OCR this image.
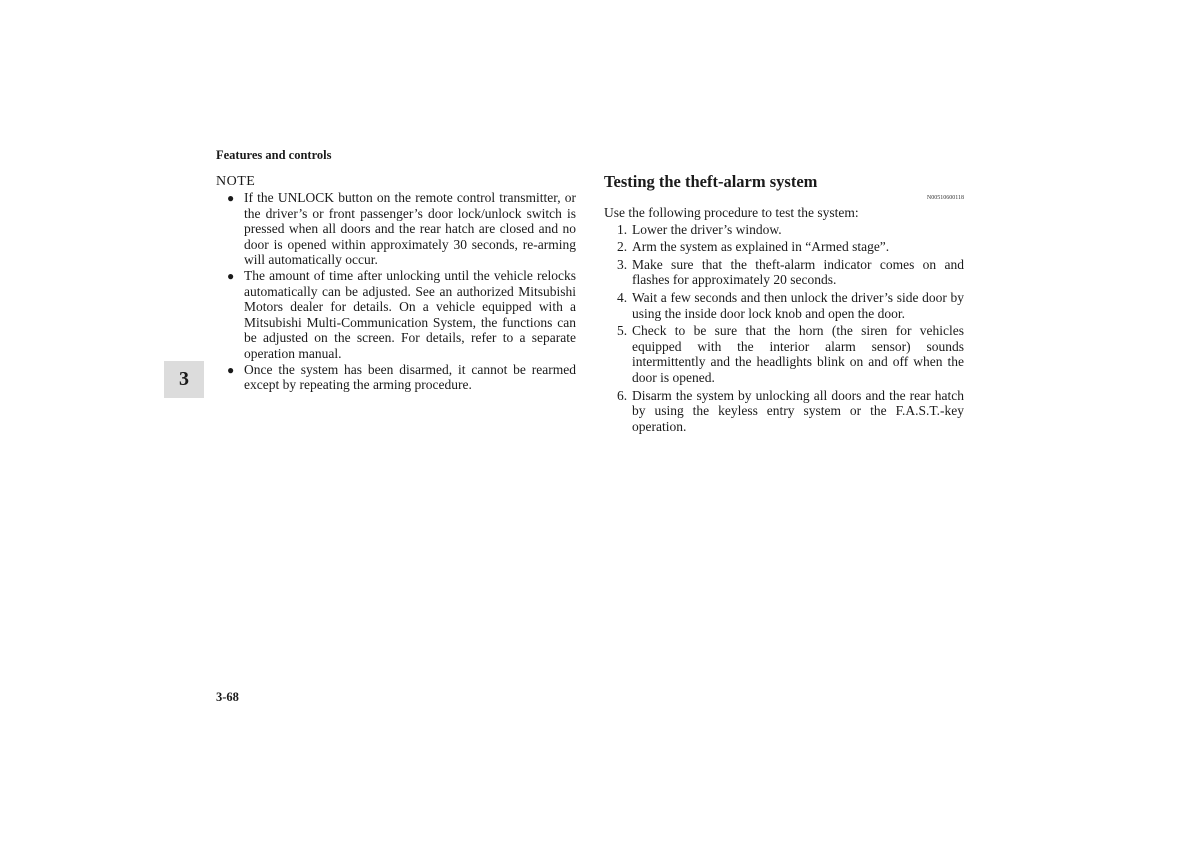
Features and controls
3
NOTE
● If the UNLOCK button on the remote control transmitter, or the driver’s or front passenger’s door lock/unlock switch is pressed when all doors and the rear hatch are closed and no door is opened within approximately 30 seconds, re-arming will automatically occur.
● The amount of time after unlocking until the vehicle relocks automatically can be adjusted. See an authorized Mitsubishi Motors dealer for details. On a vehicle equipped with a Mitsubishi Multi-Communication System, the functions can be adjusted on the screen. For details, refer to a separate operation manual.
● Once the system has been disarmed, it cannot be rearmed except by repeating the arming procedure.
Testing the theft-alarm system
N00510600118
Use the following procedure to test the system:
1. Lower the driver’s window.
2. Arm the system as explained in “Armed stage”.
3. Make sure that the theft-alarm indicator comes on and flashes for approximately 20 seconds.
4. Wait a few seconds and then unlock the driver’s side door by using the inside door lock knob and open the door.
5. Check to be sure that the horn (the siren for vehicles equipped with the interior alarm sensor) sounds intermittently and the headlights blink on and off when the door is opened.
6. Disarm the system by unlocking all doors and the rear hatch by using the keyless entry system or the F.A.S.T.-key operation.
3-68
